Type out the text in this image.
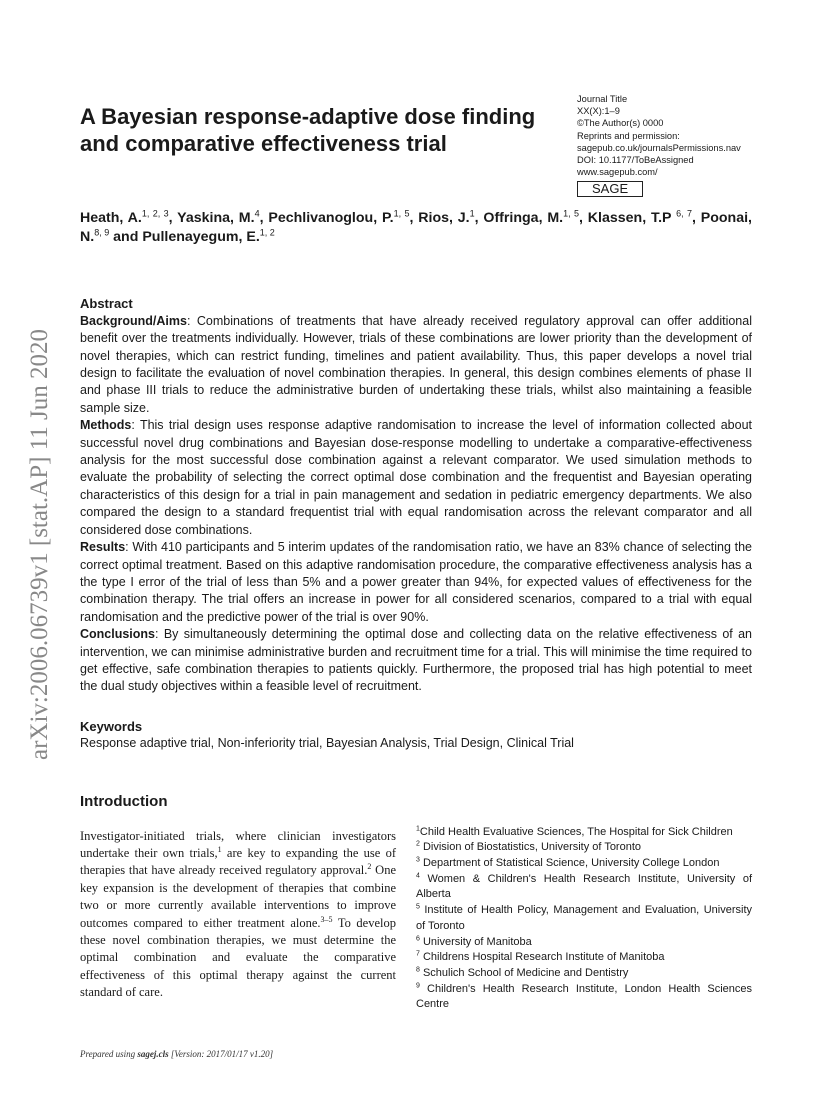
arXiv:2006.06739v1 [stat.AP] 11 Jun 2020
A Bayesian response-adaptive dose finding and comparative effectiveness trial
Journal Title
XX(X):1–9
©The Author(s) 0000
Reprints and permission:
sagepub.co.uk/journalsPermissions.nav
DOI: 10.1177/ToBeAssigned
www.sagepub.com/
SAGE
Heath, A.$^{1, 2, 3}$, Yaskina, M.$^4$, Pechlivanoglou, P.$^{1, 5}$, Rios, J.$^1$, Offringa, M.$^{1, 5}$, Klassen, T.P $^{6, 7}$, Poonai, N.$^{8, 9}$ and Pullenayegum, E.$^{1, 2}$
Abstract

Background/Aims: Combinations of treatments that have already received regulatory approval can offer additional benefit over the treatments individually. However, trials of these combinations are lower priority than the development of novel therapies, which can restrict funding, timelines and patient availability. Thus, this paper develops a novel trial design to facilitate the evaluation of novel combination therapies. In general, this design combines elements of phase II and phase III trials to reduce the administrative burden of undertaking these trials, whilst also maintaining a feasible sample size.

Methods: This trial design uses response adaptive randomisation to increase the level of information collected about successful novel drug combinations and Bayesian dose-response modelling to undertake a comparative-effectiveness analysis for the most successful dose combination against a relevant comparator. We used simulation methods to evaluate the probability of selecting the correct optimal dose combination and the frequentist and Bayesian operating characteristics of this design for a trial in pain management and sedation in pediatric emergency departments. We also compared the design to a standard frequentist trial with equal randomisation across the relevant comparator and all considered dose combinations.

Results: With 410 participants and 5 interim updates of the randomisation ratio, we have an 83% chance of selecting the correct optimal treatment. Based on this adaptive randomisation procedure, the comparative effectiveness analysis has a the type I error of the trial of less than 5% and a power greater than 94%, for expected values of effectiveness for the combination therapy. The trial offers an increase in power for all considered scenarios, compared to a trial with equal randomisation and the predictive power of the trial is over 90%.

Conclusions: By simultaneously determining the optimal dose and collecting data on the relative effectiveness of an intervention, we can minimise administrative burden and recruitment time for a trial. This will minimise the time required to get effective, safe combination therapies to patients quickly. Furthermore, the proposed trial has high potential to meet the dual study objectives within a feasible level of recruitment.

Keywords
Response adaptive trial, Non-inferiority trial, Bayesian Analysis, Trial Design, Clinical Trial
Introduction

Investigator-initiated trials, where clinician investigators undertake their own trials,$^1$ are key to expanding the use of therapies that have already received regulatory approval.$^2$ One key expansion is the development of therapies that combine two or more currently available interventions to improve outcomes compared to either treatment alone.$^{3-5}$ To develop these novel combination therapies, we must determine the optimal combination and evaluate the comparative effectiveness of this optimal therapy against the current standard of care.

$^1$Child Health Evaluative Sciences, The Hospital for Sick Children
$^2$ Division of Biostatistics, University of Toronto
$^3$ Department of Statistical Science, University College London
$^4$ Women & Children's Health Research Institute, University of Alberta
$^5$ Institute of Health Policy, Management and Evaluation, University of Toronto
$^6$ University of Manitoba
$^7$ Childrens Hospital Research Institute of Manitoba
$^8$ Schulich School of Medicine and Dentistry
$^9$ Children's Health Research Institute, London Health Sciences Centre
Prepared using sagej.cls [Version: 2017/01/17 v1.20]
